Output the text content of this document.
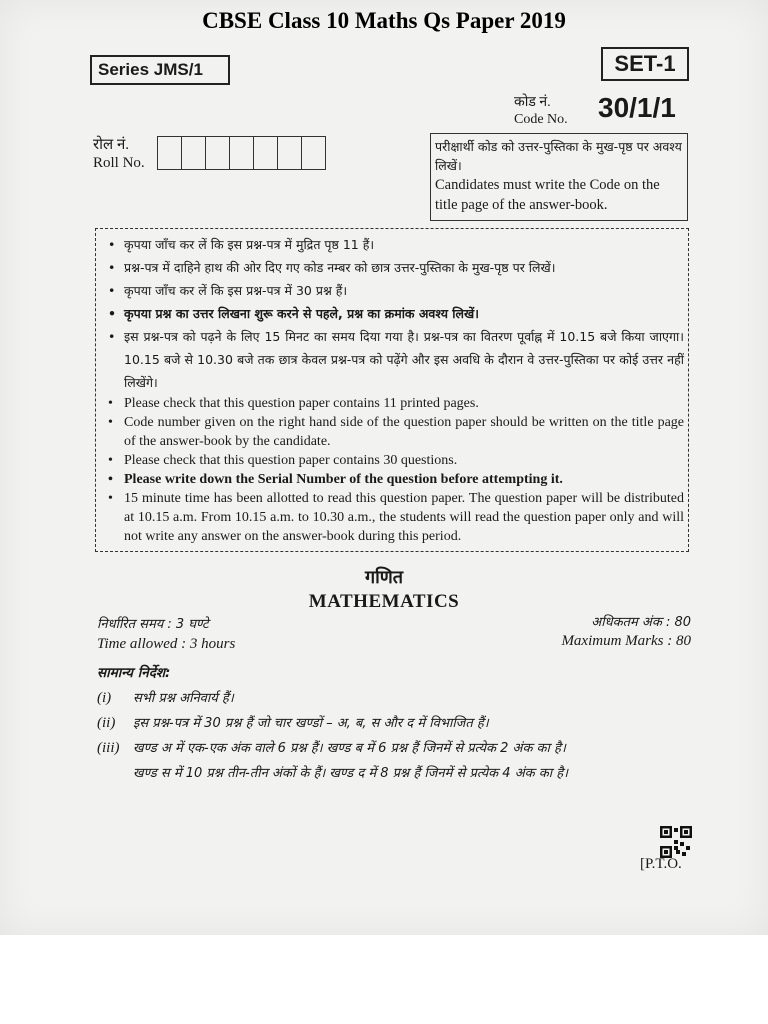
CBSE Class 10 Maths Qs Paper 2019
Series JMS/1	SET-1
कोड नं.
Code No. 30/1/1
रोल नं.
Roll No.
परीक्षार्थी कोड को उत्तर-पुस्तिका के मुख-पृष्ठ पर अवश्य लिखें।
Candidates must write the Code on the title page of the answer-book.
• कृपया जाँच कर लें कि इस प्रश्न-पत्र में मुद्रित पृष्ठ 11 हैं।
• प्रश्न-पत्र में दाहिने हाथ की ओर दिए गए कोड नम्बर को छात्र उत्तर-पुस्तिका के मुख-पृष्ठ पर लिखें।
• कृपया जाँच कर लें कि इस प्रश्न-पत्र में 30 प्रश्न हैं।
• कृपया प्रश्न का उत्तर लिखना शुरू करने से पहले, प्रश्न का क्रमांक अवश्य लिखें।
• इस प्रश्न-पत्र को पढ़ने के लिए 15 मिनट का समय दिया गया है। प्रश्न-पत्र का वितरण पूर्वाह्न में 10.15 बजे किया जाएगा। 10.15 बजे से 10.30 बजे तक छात्र केवल प्रश्न-पत्र को पढ़ेंगे और इस अवधि के दौरान वे उत्तर-पुस्तिका पर कोई उत्तर नहीं लिखेंगे।
• Please check that this question paper contains 11 printed pages.
• Code number given on the right hand side of the question paper should be written on the title page of the answer-book by the candidate.
• Please check that this question paper contains 30 questions.
• Please write down the Serial Number of the question before attempting it.
• 15 minute time has been allotted to read this question paper. The question paper will be distributed at 10.15 a.m. From 10.15 a.m. to 10.30 a.m., the students will read the question paper only and will not write any answer on the answer-book during this period.
गणित
MATHEMATICS
निर्धारित समय : 3 घण्टे
Time allowed : 3 hours
अधिकतम अंक : 80
Maximum Marks : 80
सामान्य निर्देश:
(i)	सभी प्रश्न अनिवार्य हैं।
(ii)	इस प्रश्न-पत्र में 30 प्रश्न हैं जो चार खण्डों – अ, ब, स और द में विभाजित हैं।
(iii)	खण्ड अ में एक-एक अंक वाले 6 प्रश्न हैं। खण्ड ब में 6 प्रश्न हैं जिनमें से प्रत्येक 2 अंक का है।
खण्ड स में 10 प्रश्न तीन-तीन अंकों के हैं। खण्ड द में 8 प्रश्न हैं जिनमें से प्रत्येक 4 अंक का है।
[P.T.O.
